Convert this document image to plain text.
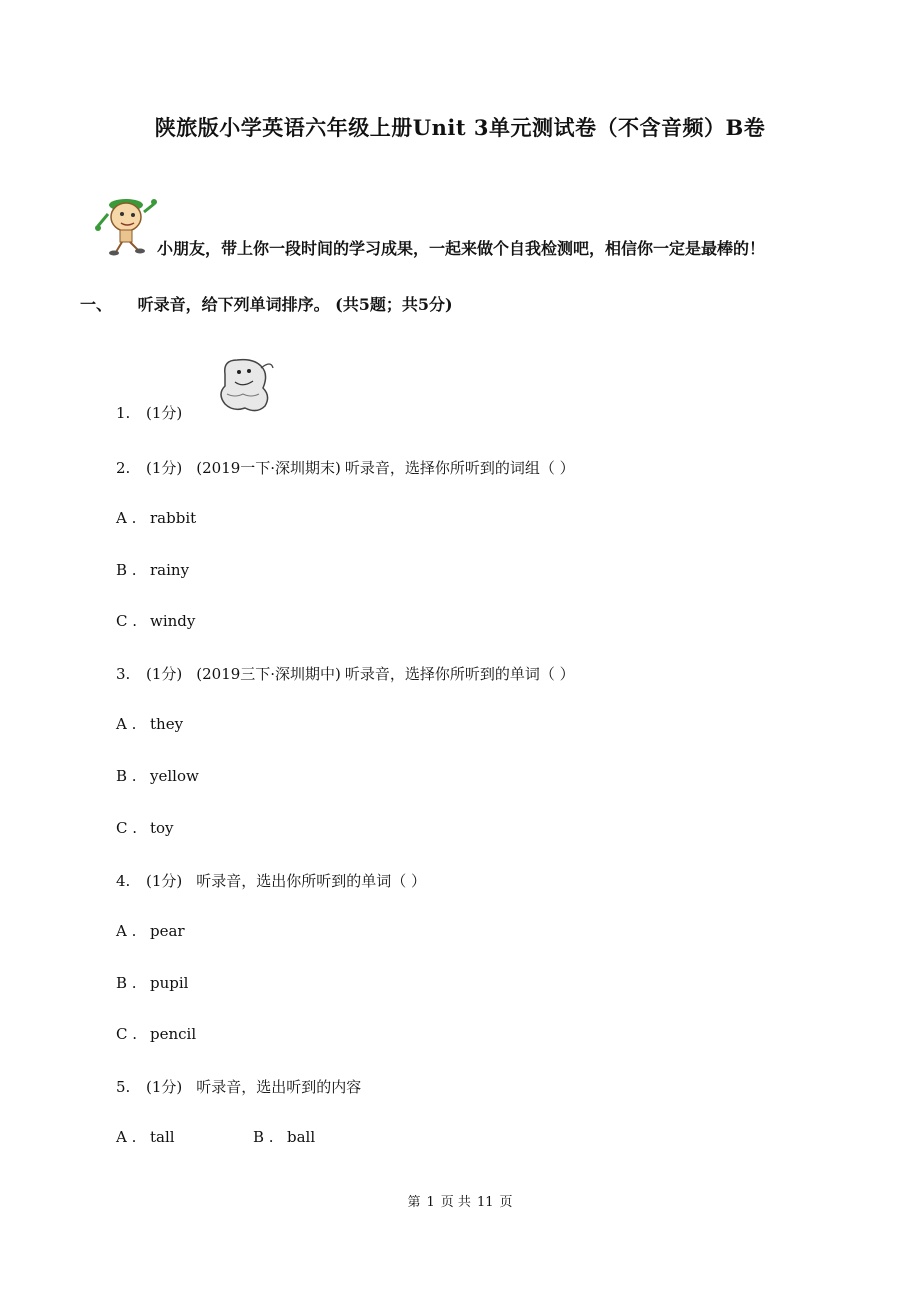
陕旅版小学英语六年级上册Unit 3单元测试卷（不含音频）B卷
小朋友，带上你一段时间的学习成果，一起来做个自我检测吧，相信你一定是最棒的！
一、 听录音，给下列单词排序。 (共5题；共5分)
1. (1分)
2. (1分) (2019一下·深圳期末) 听录音，选择你所听到的词组（ ）
A . rabbit
B . rainy
C . windy
3. (1分) (2019三下·深圳期中) 听录音，选择你所听到的单词（ ）
A . they
B . yellow
C . toy
4. (1分) 听录音，选出你所听到的单词（ ）
A . pear
B . pupil
C . pencil
5. (1分) 听录音，选出听到的内容
A . tall	B . ball
第 1 页 共 11 页
